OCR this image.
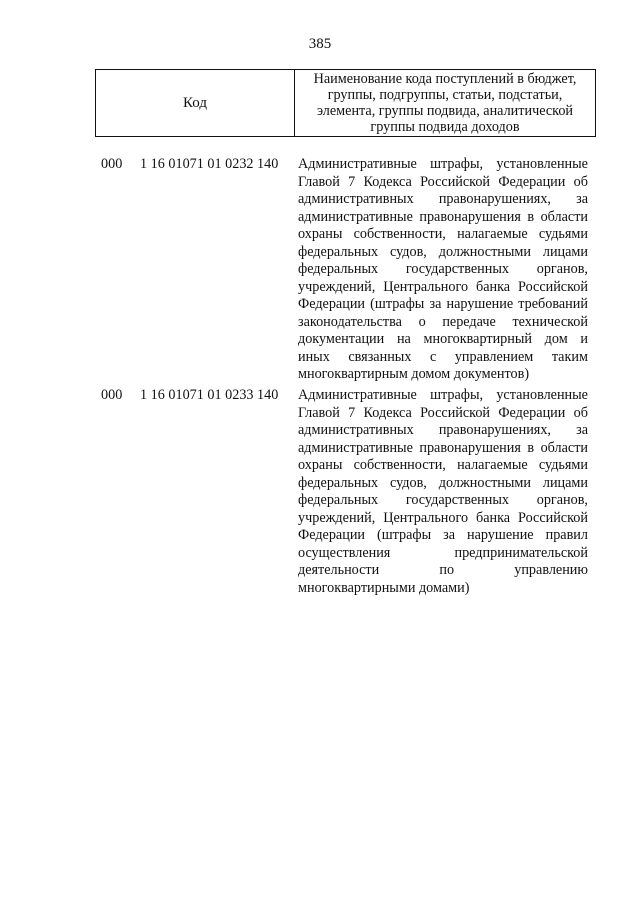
385
Код
Наименование кода поступлений в бюджет,
группы, подгруппы, статьи, подстатьи,
элемента, группы подвида, аналитической
группы подвида доходов
000 1 16 01071 01 0232 140 Административные штрафы, установленные
Главой 7 Кодекса Российской Федерации об
административных правонарушениях, за
административные правонарушения в области
охраны собственности, налагаемые судьями
федеральных судов, должностными лицами
федеральных государственных органов,
учреждений, Центрального банка Российской
Федерации (штрафы за нарушение требований
законодательства о передаче технической
документации на многоквартирный дом и
иных связанных с управлением таким
многоквартирным домом документов)
000 1 16 01071 01 0233 140 Административные штрафы, установленные
Главой 7 Кодекса Российской Федерации об
административных правонарушениях, за
административные правонарушения в области
охраны собственности, налагаемые судьями
федеральных судов, должностными лицами
федеральных государственных органов,
учреждений, Центрального банка Российской
Федерации (штрафы за нарушение правил
осуществления	предпринимательской
деятельности	по	управлению
многоквартирными домами)
